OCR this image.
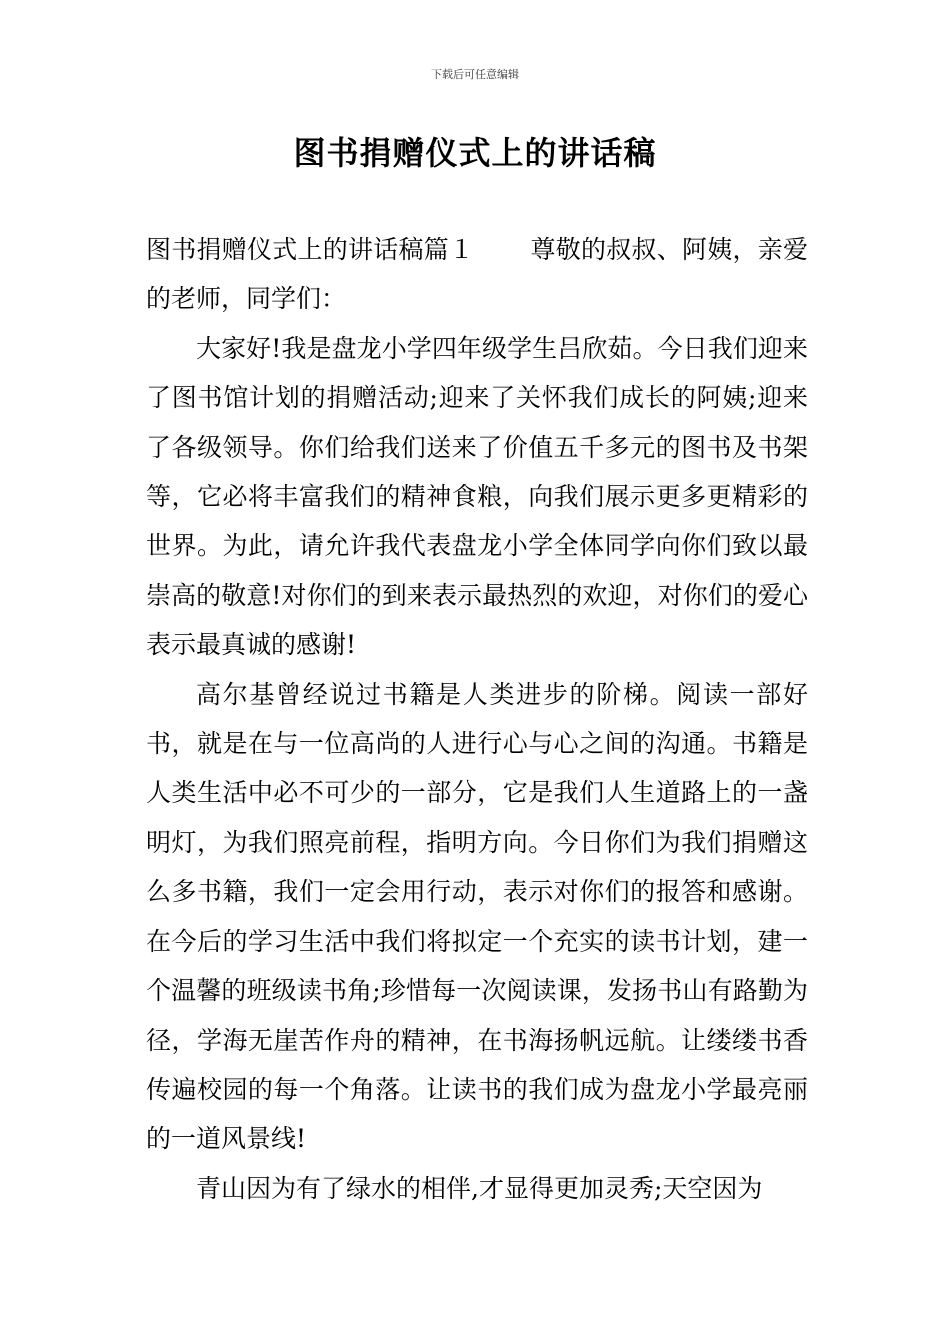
下载后可任意编辑
图书捐赠仪式上的讲话稿

图书捐赠仪式上的讲话稿篇１ 尊敬的叔叔、阿姨，亲爱的老师，同学们：

大家好!我是盘龙小学四年级学生吕欣茹。今日我们迎来了图书馆计划的捐赠活动;迎来了关怀我们成长的阿姨;迎来了各级领导。你们给我们送来了价值五千多元的图书及书架等，它必将丰富我们的精神食粮，向我们展示更多更精彩的世界。为此，请允许我代表盘龙小学全体同学向你们致以最崇高的敬意!对你们的到来表示最热烈的欢迎，对你们的爱心表示最真诚的感谢!

高尔基曾经说过书籍是人类进步的阶梯。阅读一部好书，就是在与一位高尚的人进行心与心之间的沟通。书籍是人类生活中必不可少的一部分，它是我们人生道路上的一盏明灯，为我们照亮前程，指明方向。今日你们为我们捐赠这么多书籍，我们一定会用行动，表示对你们的报答和感谢。在今后的学习生活中我们将拟定一个充实的读书计划，建一个温馨的班级读书角;珍惜每一次阅读课，发扬书山有路勤为径，学海无崖苦作舟的精神，在书海扬帆远航。让缕缕书香传遍校园的每一个角落。让读书的我们成为盘龙小学最亮丽的一道风景线!

青山因为有了绿水的相伴,才显得更加灵秀;天空因为
